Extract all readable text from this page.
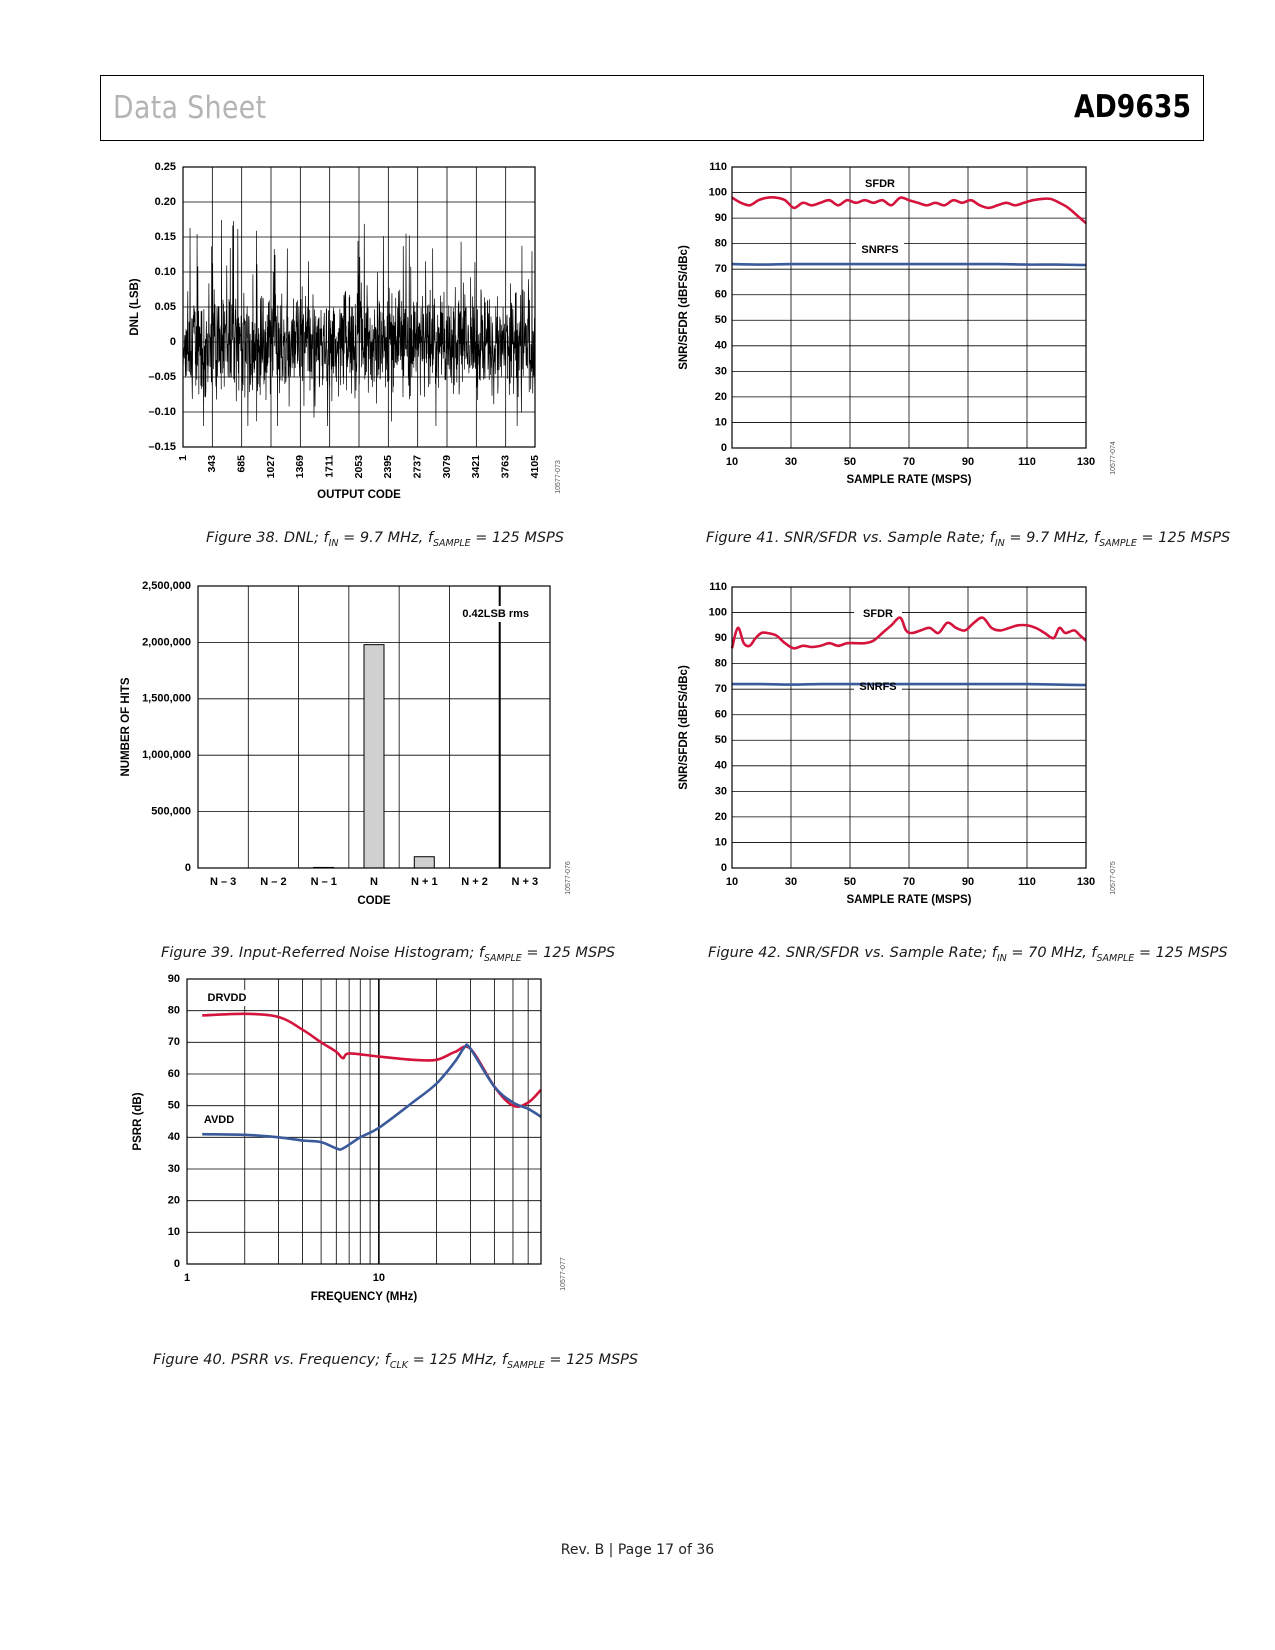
Data Sheet	AD9635
0.25
0.20
0.15
0.10
0.05
0
–0.05
–0.10
–0.15
1 343 685 1027 1369 1711 2053 2395 2737 3079 3421 3763 4105
OUTPUT CODE
DNL (LSB)
10577-073
Figure 38. DNL; $f_{IN} = 9.7$ MHz, $f_{SAMPLE} = 125$ MSPS
10	30	50	70	90	110	130
110
100
90
80
70
60
50
40
30
20
10
0
SFDR
SNRFS
SAMPLE RATE (MSPS)
SNR/SFDR (dBFS/dBc)
10577-074
Figure 41. SNR/SFDR vs. Sample Rate; $f_{IN} = 9.7$ MHz, $f_{SAMPLE} = 125$ MSPS
2,500,000
2,000,000
1,500,000
1,000,000
500,000
0
N – 3 N – 2 N – 1	N	N + 1 N + 2 N + 3
0.42LSB rms
CODE
NUMBER OF HITS
10577-076
Figure 39. Input-Referred Noise Histogram; $f_{SAMPLE} = 125$ MSPS
10	30	50	70	90	110	130
110
100
90
80
70
60
50
40
30
20
10
0
SFDR
SNRFS
SAMPLE RATE (MSPS)
SNR/SFDR (dBFS/dBc)
10577-075
Figure 42. SNR/SFDR vs. Sample Rate; $f_{IN} = 70$ MHz, $f_{SAMPLE} = 125$ MSPS
90
80
70
60
50
40
30
20
10
0
1	10
DRVDD
AVDD
FREQUENCY (MHz)
PSRR (dB)
10577-077
Figure 40. PSRR vs. Frequency; $f_{CLK} = 125$ MHz, $f_{SAMPLE} = 125$ MSPS
Rev. B | Page 17 of 36
